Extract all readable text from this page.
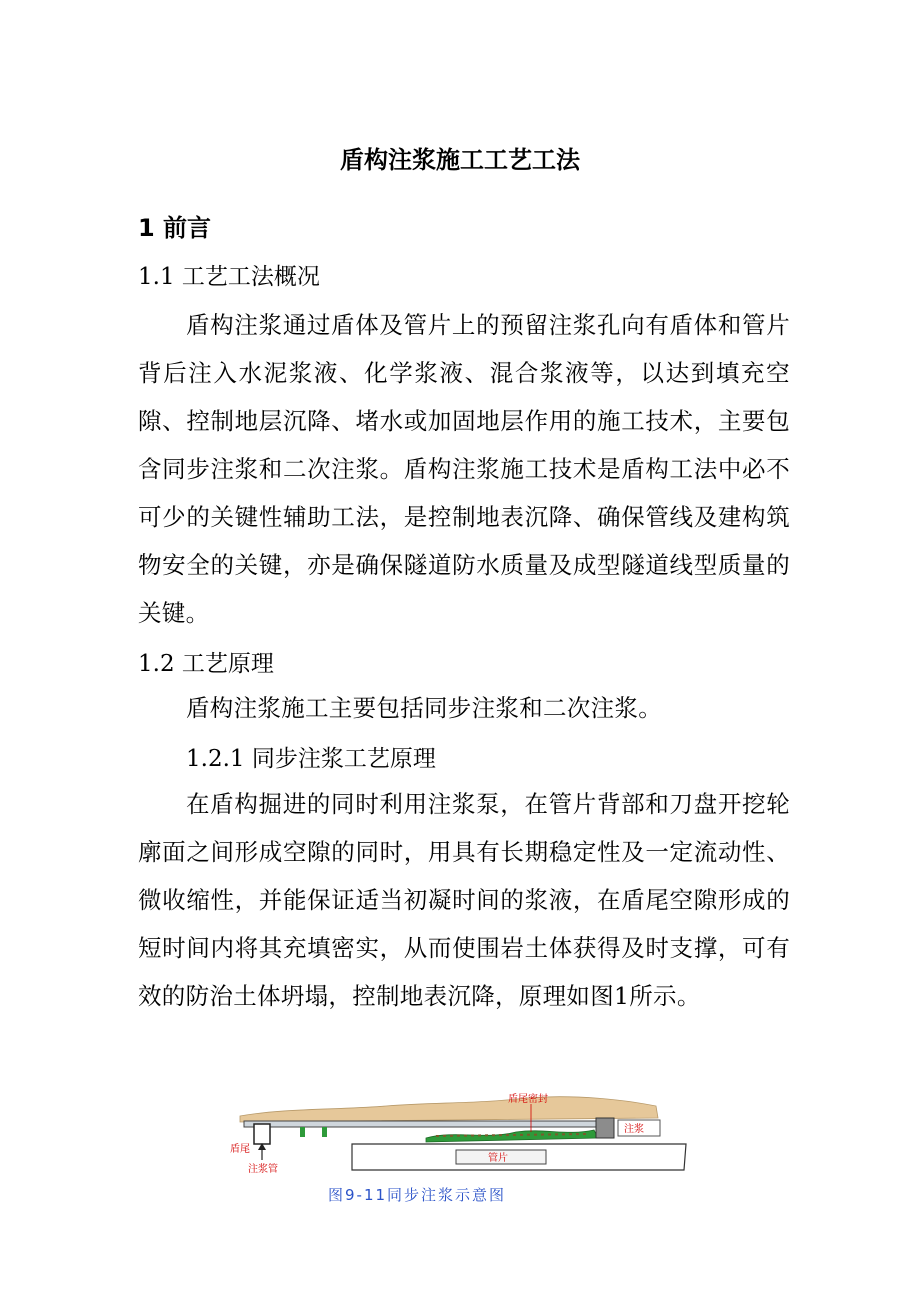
盾构注浆施工工艺工法
1 前言
1.1 工艺工法概况
盾构注浆通过盾体及管片上的预留注浆孔向有盾体和管片背后注入水泥浆液、化学浆液、混合浆液等，以达到填充空隙、控制地层沉降、堵水或加固地层作用的施工技术，主要包含同步注浆和二次注浆。盾构注浆施工技术是盾构工法中必不可少的关键性辅助工法，是控制地表沉降、确保管线及建构筑物安全的关键，亦是确保隧道防水质量及成型隧道线型质量的关键。
1.2 工艺原理
盾构注浆施工主要包括同步注浆和二次注浆。
1.2.1 同步注浆工艺原理
在盾构掘进的同时利用注浆泵，在管片背部和刀盘开挖轮廓面之间形成空隙的同时，用具有长期稳定性及一定流动性、微收缩性，并能保证适当初凝时间的浆液，在盾尾空隙形成的短时间内将其充填密实，从而使围岩土体获得及时支撑，可有效的防治土体坍塌，控制地表沉降，原理如图1所示。
盾尾密封
注浆
盾尾
注浆管
管片
图9-11同步注浆示意图
